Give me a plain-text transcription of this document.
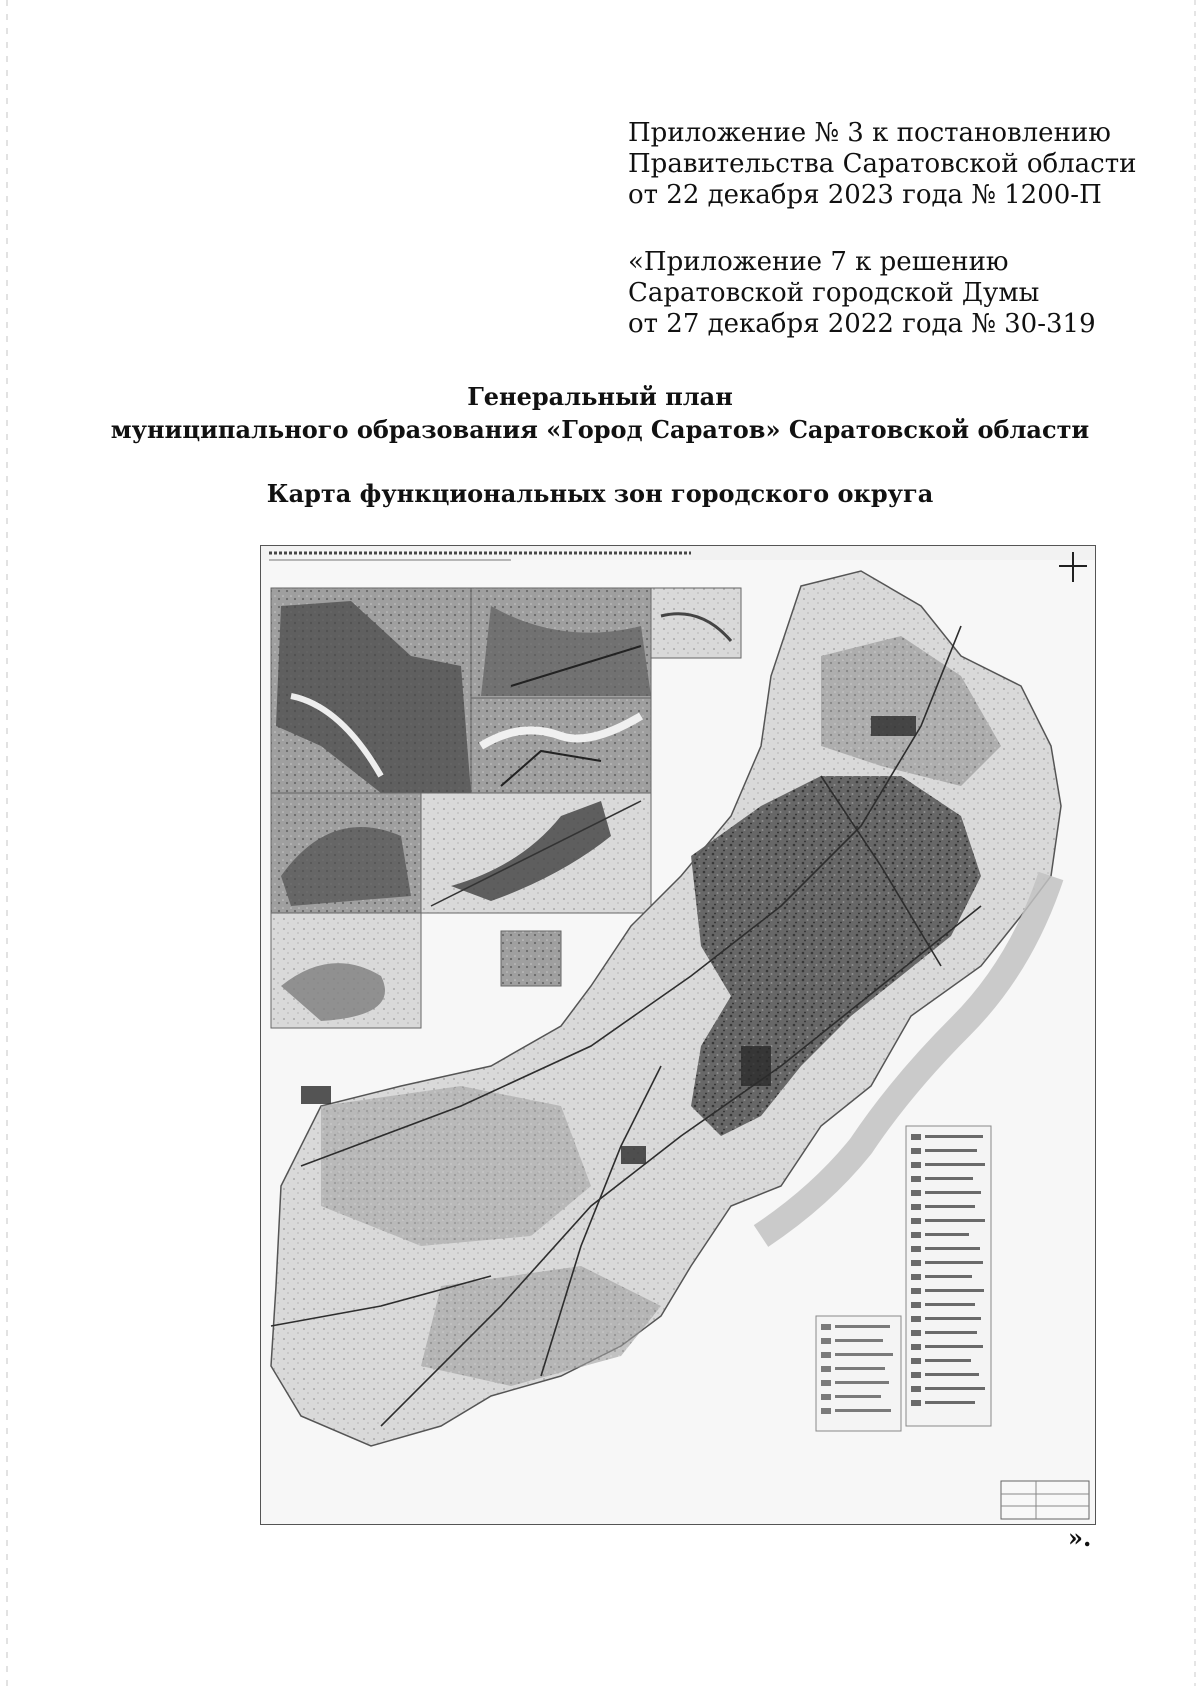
Приложение № 3 к постановлению
Правительства Саратовской области
от 22 декабря 2023 года № 1200-П
«Приложение 7 к решению
Саратовской городской Думы
от 27 декабря 2022 года № 30-319
Генеральный план
муниципального образования «Город Саратов» Саратовской области
Карта функциональных зон городского округа
».
